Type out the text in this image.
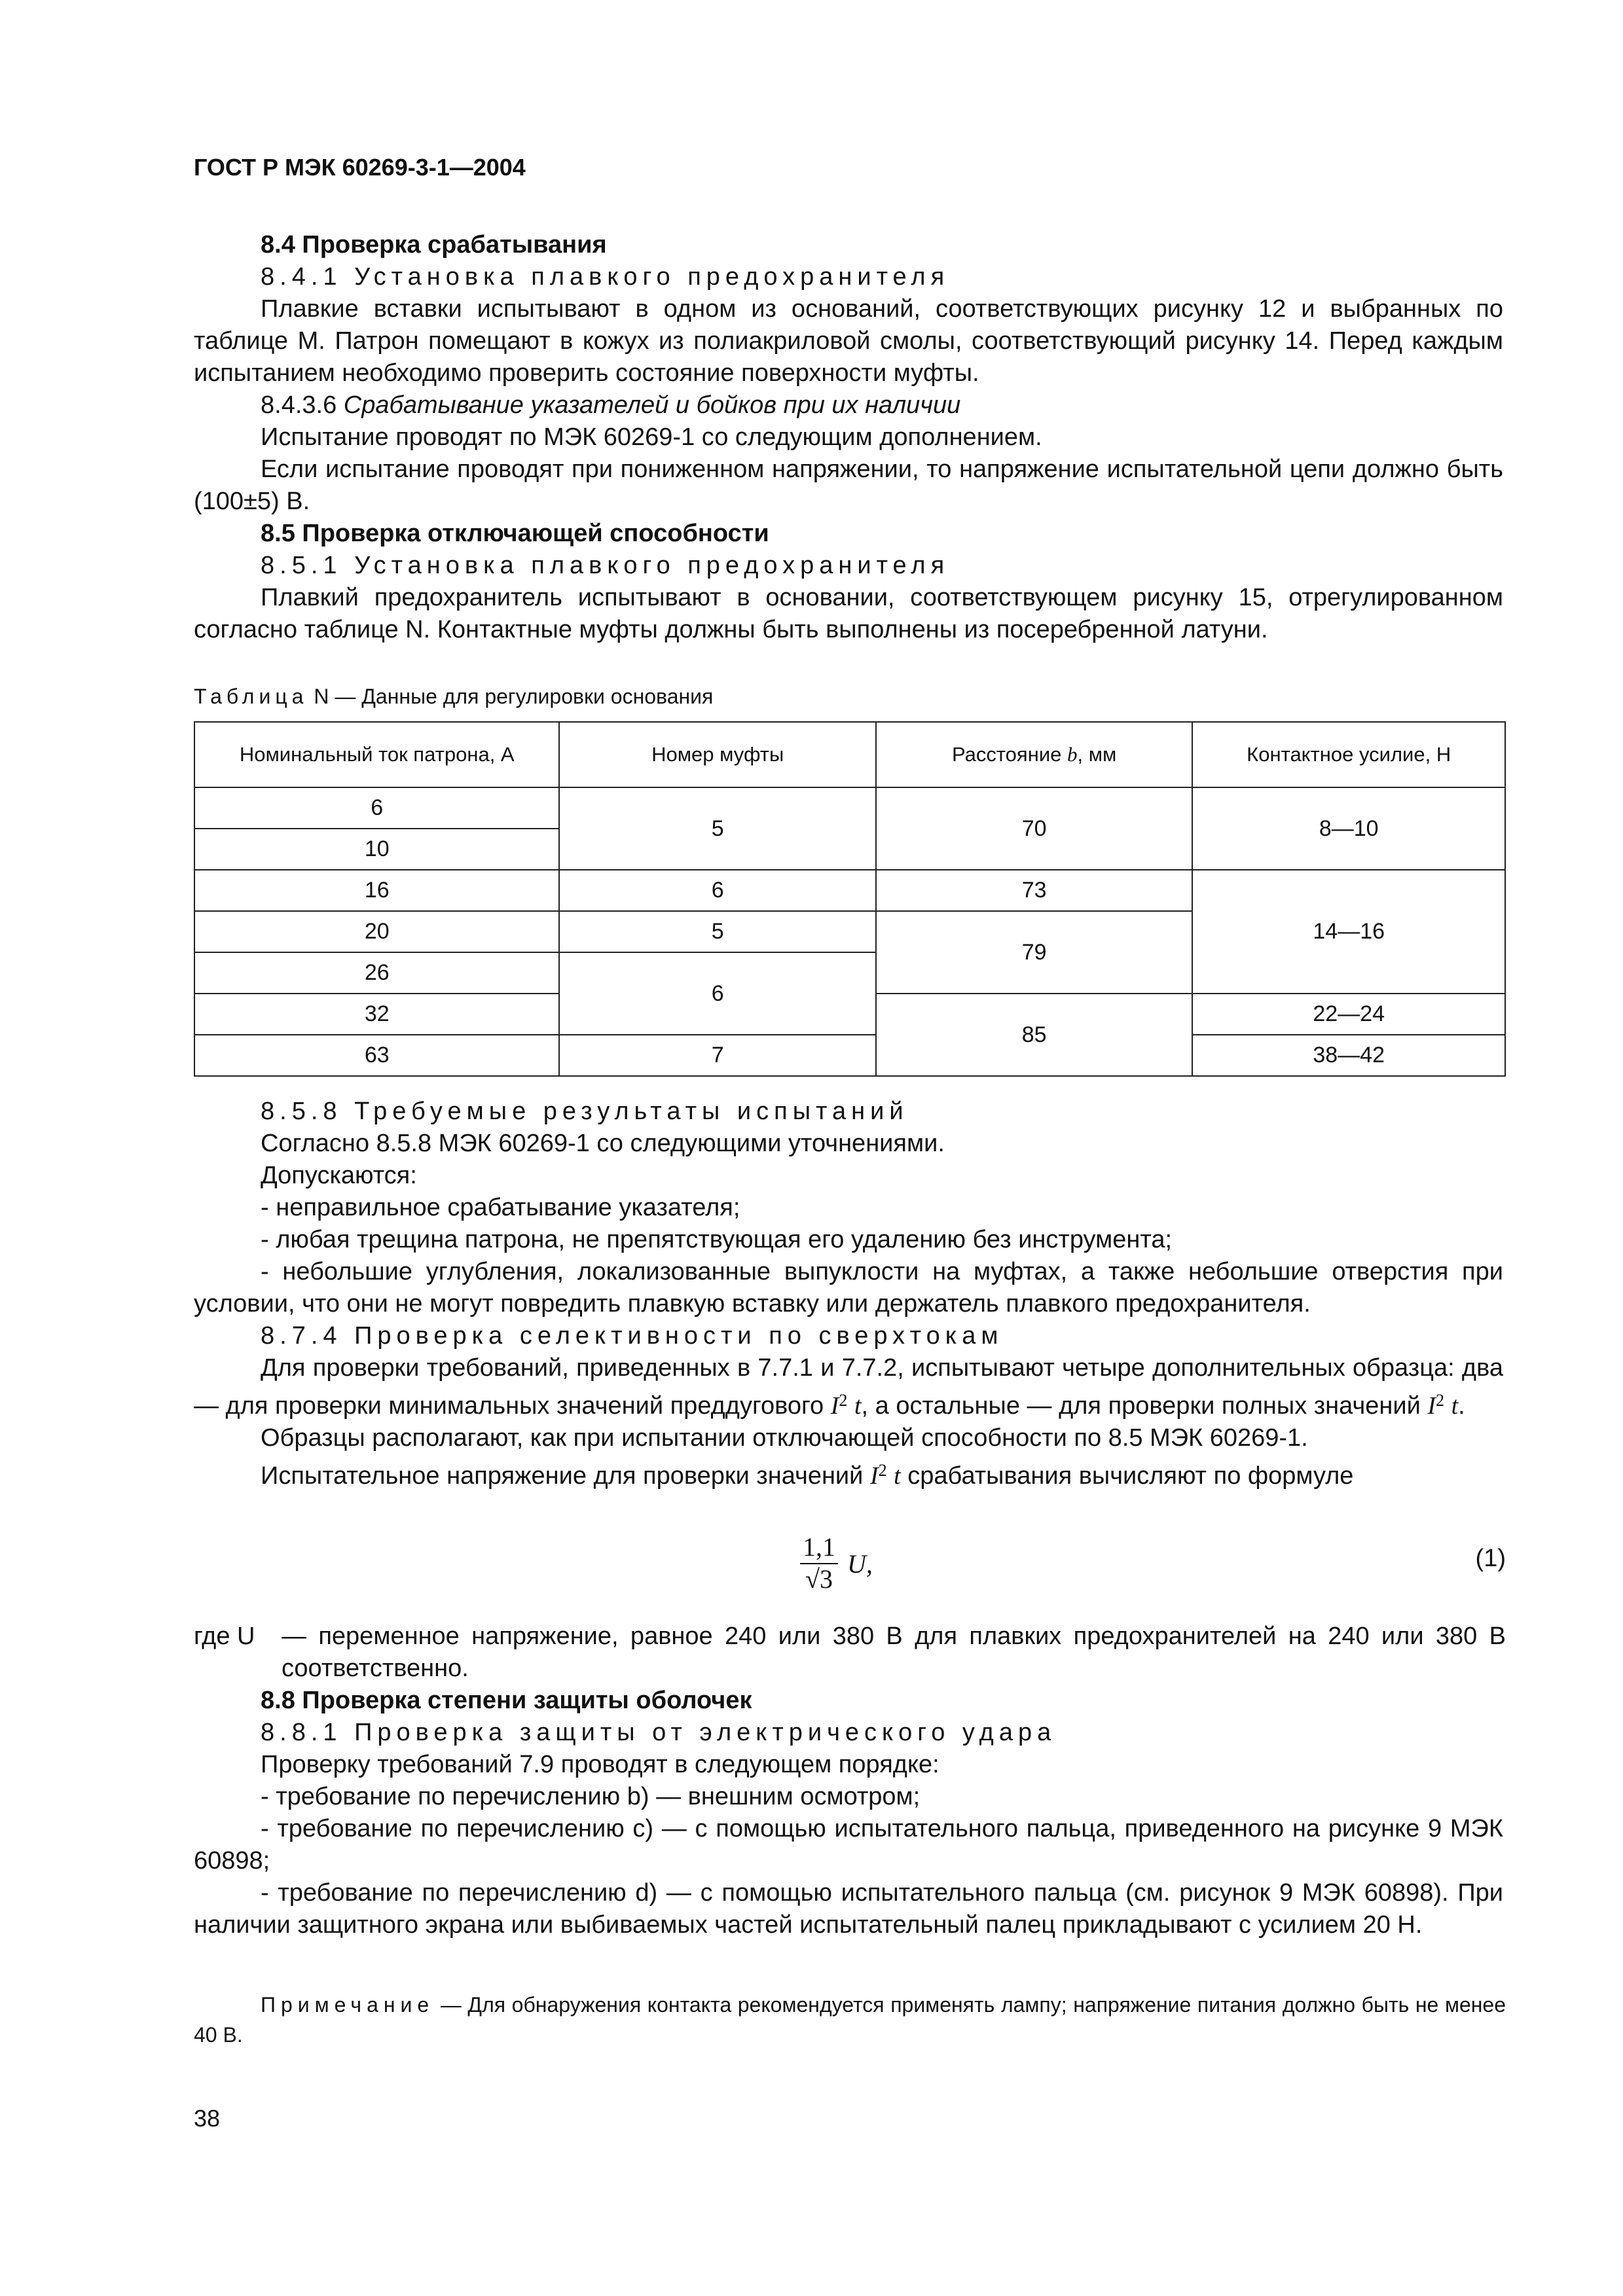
ГОСТ Р МЭК 60269-3-1—2004

8.4 Проверка срабатывания

8.4.1 Установка плавкого предохранителя

Плавкие вставки испытывают в одном из оснований, соответствующих рисунку 12 и выбранных по таблице М. Патрон помещают в кожух из полиакриловой смолы, соответствующий рисунку 14. Перед каждым испытанием необходимо проверить состояние поверхности муфты.

8.4.3.6 Срабатывание указателей и бойков при их наличии

Испытание проводят по МЭК 60269-1 со следующим дополнением.

Если испытание проводят при пониженном напряжении, то напряжение испытательной цепи должно быть (100±5) В.

8.5 Проверка отключающей способности

8.5.1 Установка плавкого предохранителя

Плавкий предохранитель испытывают в основании, соответствующем рисунку 15, отрегулированном согласно таблице N. Контактные муфты должны быть выполнены из посеребренной латуни.

Таблица N — Данные для регулировки основания
Номинальный ток патрона, А	Номер муфты	Расстояние b, мм	Контактное усилие, Н
6	5	70	8—10
10			
16	6	73	14—16
20	5	79	
26	6		
32		85	22—24
63	7		38—42

8.5.8 Требуемые результаты испытаний

Согласно 8.5.8 МЭК 60269-1 со следующими уточнениями.

Допускаются:

- неправильное срабатывание указателя;

- любая трещина патрона, не препятствующая его удалению без инструмента;

- небольшие углубления, локализованные выпуклости на муфтах, а также небольшие отверстия при условии, что они не могут повредить плавкую вставку или держатель плавкого предохранителя.

8.7.4 Проверка селективности по сверхтокам

Для проверки требований, приведенных в 7.7.1 и 7.7.2, испытывают четыре дополнительных образца: два — для проверки минимальных значений преддугового $I^2$ t, а остальные — для проверки полных значений $I^2$ t.

Образцы располагают, как при испытании отключающей способности по 8.5 МЭК 60269-1.

Испытательное напряжение для проверки значений $I^2$ t срабатывания вычисляют по формуле

$\frac{1,1}{√3} U$,	(1)
где U — переменное напряжение, равное 240 или 380 В для плавких предохранителей на 240 или 380 В соответственно.

8.8 Проверка степени защиты оболочек

8.8.1 Проверка защиты от электрического удара

Проверку требований 7.9 проводят в следующем порядке:

- требование по перечислению b) — внешним осмотром;

- требование по перечислению c) — с помощью испытательного пальца, приведенного на рисунке 9 МЭК 60898;

- требование по перечислению d) — с помощью испытательного пальца (см. рисунок 9 МЭК 60898). При наличии защитного экрана или выбиваемых частей испытательный палец прикладывают с усилием 20 Н.

Примечание — Для обнаружения контакта рекомендуется применять лампу; напряжение питания должно быть не менее 40 В.

38
